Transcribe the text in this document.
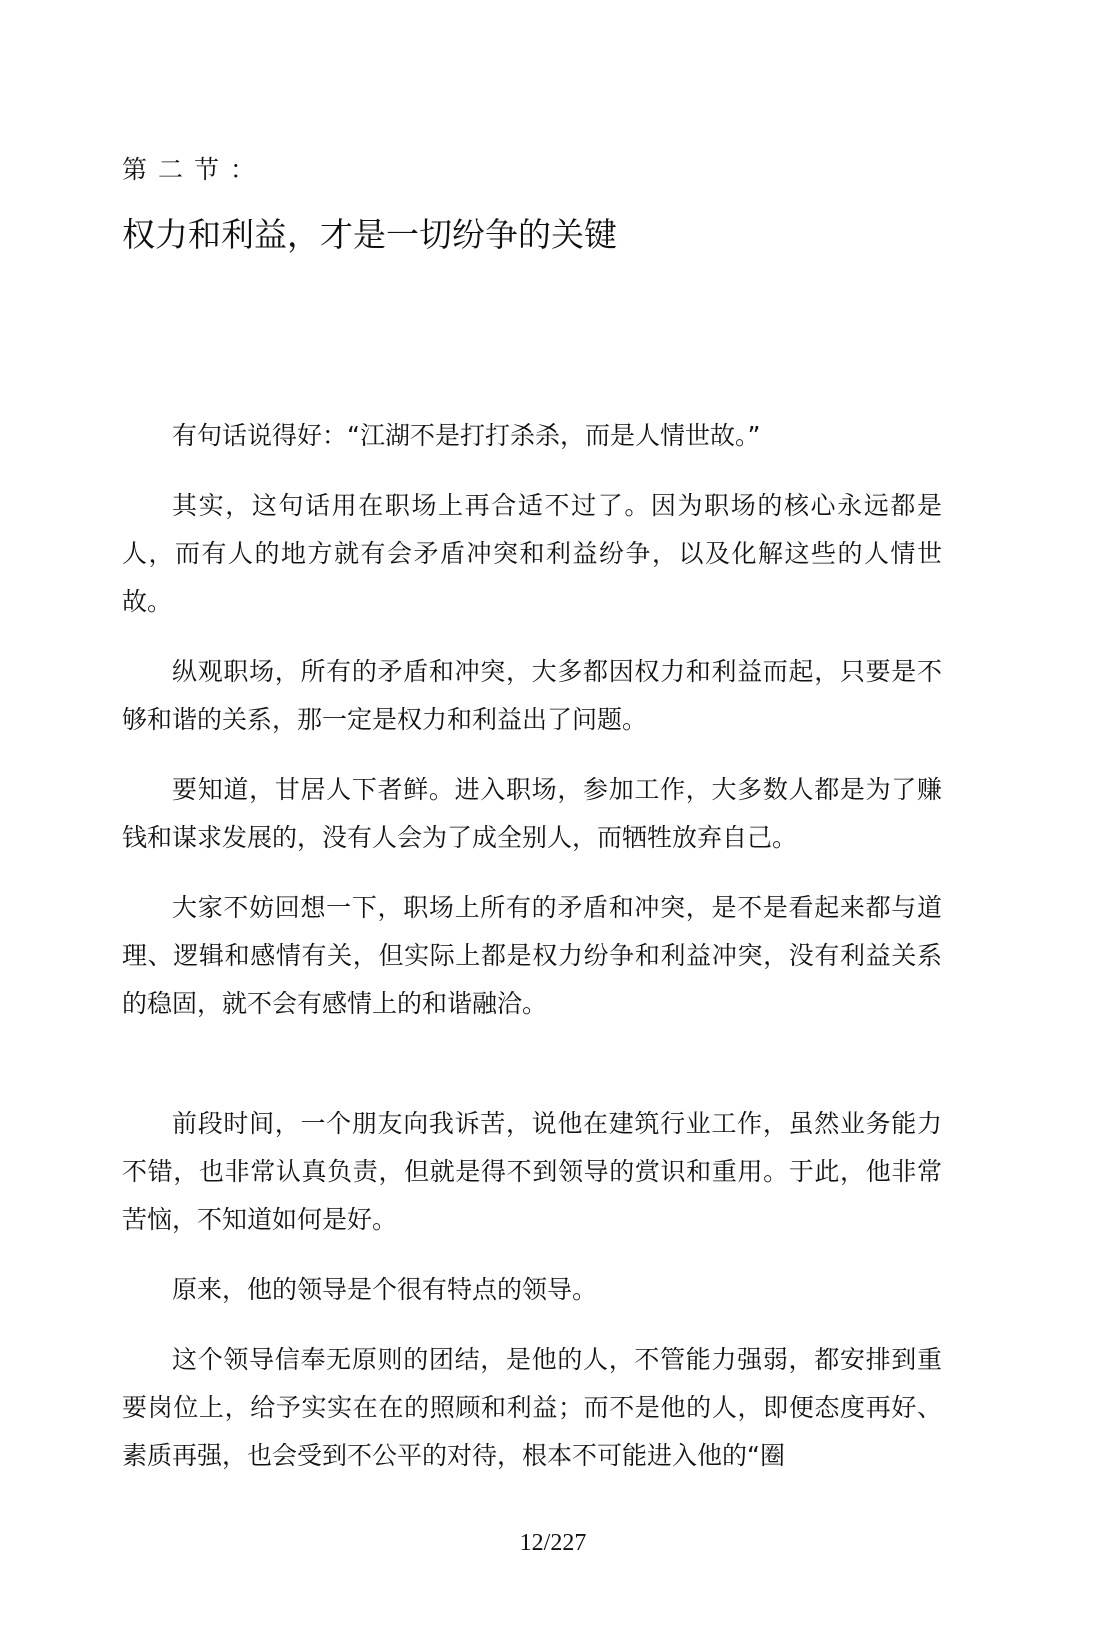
第二节：
权力和利益，才是一切纷争的关键

有句话说得好：“江湖不是打打杀杀，而是人情世故。”

其实，这句话用在职场上再合适不过了。因为职场的核心永远都是人，而有人的地方就有会矛盾冲突和利益纷争，以及化解这些的人情世故。

纵观职场，所有的矛盾和冲突，大多都因权力和利益而起，只要是不够和谐的关系，那一定是权力和利益出了问题。

要知道，甘居人下者鲜。进入职场，参加工作，大多数人都是为了赚钱和谋求发展的，没有人会为了成全别人，而牺牲放弃自己。

大家不妨回想一下，职场上所有的矛盾和冲突，是不是看起来都与道理、逻辑和感情有关，但实际上都是权力纷争和利益冲突，没有利益关系的稳固，就不会有感情上的和谐融洽。

前段时间，一个朋友向我诉苦，说他在建筑行业工作，虽然业务能力不错，也非常认真负责，但就是得不到领导的赏识和重用。于此，他非常苦恼，不知道如何是好。

原来，他的领导是个很有特点的领导。

这个领导信奉无原则的团结，是他的人，不管能力强弱，都安排到重要岗位上，给予实实在在的照顾和利益；而不是他的人，即便态度再好、素质再强，也会受到不公平的对待，根本不可能进入他的“圈

12/227
